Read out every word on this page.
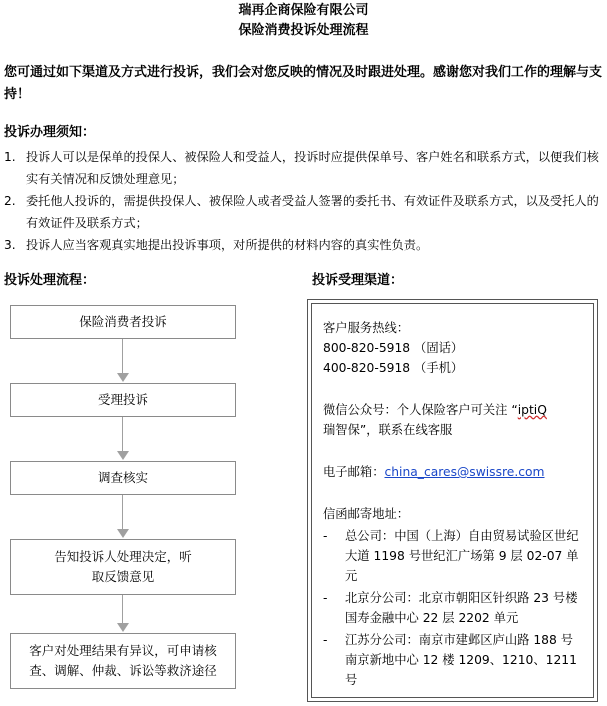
瑞再企商保险有限公司
保险消费投诉处理流程
您可通过如下渠道及方式进行投诉，我们会对您反映的情况及时跟进处理。感谢您对我们工作的理解与支持！
投诉办理须知：
1. 投诉人可以是保单的投保人、被保险人和受益人，投诉时应提供保单号、客户姓名和联系方式，以便我们核实有关情况和反馈处理意见；
2. 委托他人投诉的，需提供投保人、被保险人或者受益人签署的委托书、有效证件及联系方式，以及受托人的有效证件及联系方式；
3. 投诉人应当客观真实地提出投诉事项，对所提供的材料内容的真实性负责。
投诉处理流程：	投诉受理渠道：
保险消费者投诉
受理投诉
调查核实
告知投诉人处理决定，听取反馈意见
客户对处理结果有异议，可申请核查、调解、仲裁、诉讼等救济途径
客户服务热线：
800-820-5918 （固话）
400-820-5918 （手机）
微信公众号：个人保险客户可关注 “iptiQ
瑞智保”，联系在线客服
电子邮箱：china_cares@swissre.com
信函邮寄地址：
- 总公司：中国（上海）自由贸易试验区世纪大道 1198 号世纪汇广场第 9 层 02-07 单元
- 北京分公司：北京市朝阳区针织路 23 号楼国寿金融中心 22 层 2202 单元
- 江苏分公司：南京市建邺区庐山路 188 号南京新地中心 12 楼 1209、1210、1211 号
